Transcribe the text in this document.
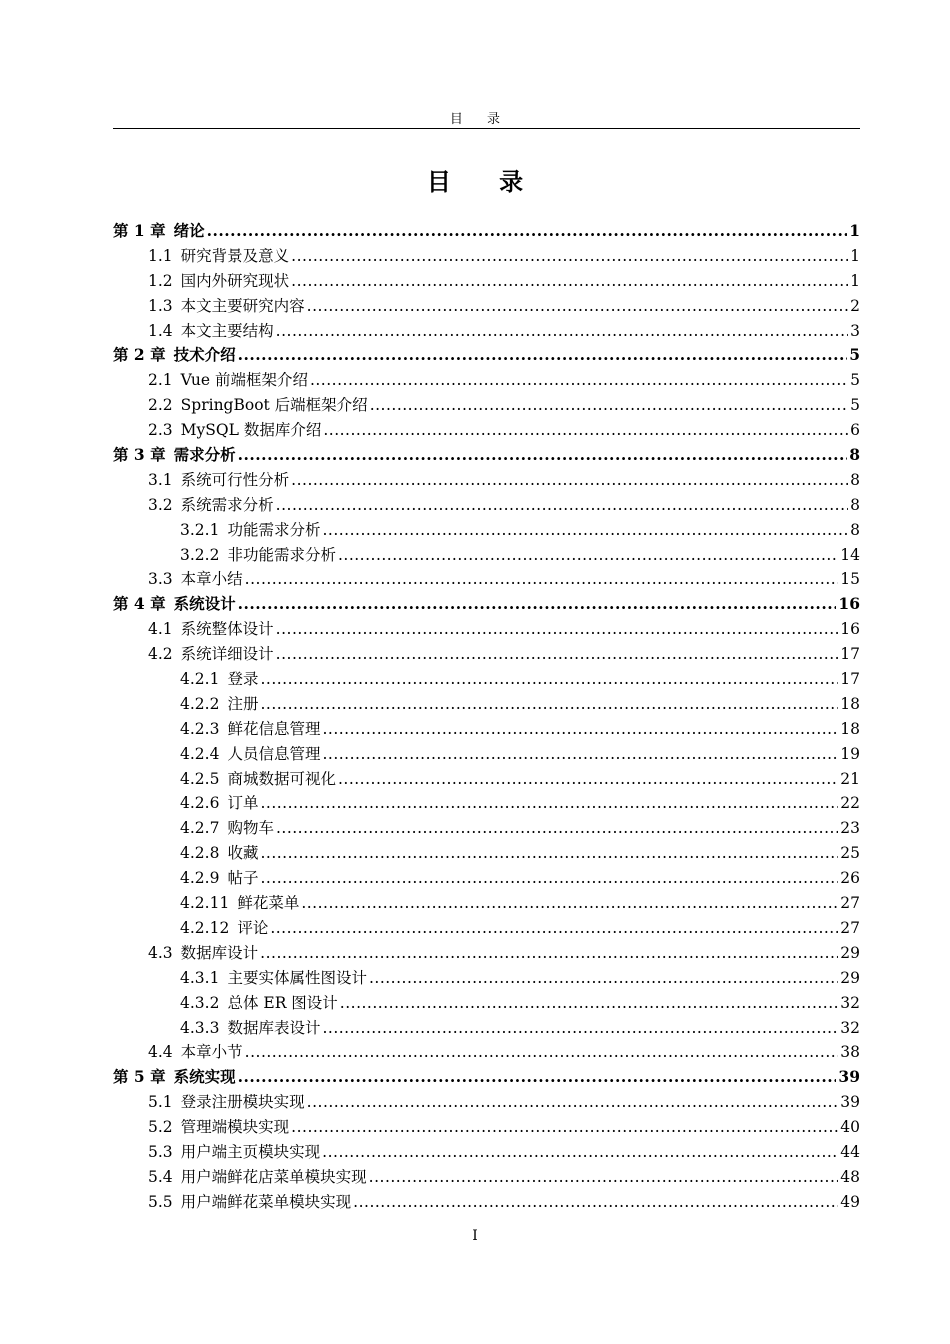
目 录
目 录
第 1 章 绪论 .....	1
1.1 研究背景及意义 .....	1
1.2 国内外研究现状 .....	1
1.3 本文主要研究内容 .....	2
1.4 本文主要结构 .....	3
第 2 章 技术介绍 .....	5
2.1 Vue 前端框架介绍 .....	5
2.2 SpringBoot 后端框架介绍 .....	5
2.3 MySQL 数据库介绍 .....	6
第 3 章 需求分析 .....	8
3.1 系统可行性分析 .....	8
3.2 系统需求分析 .....	8
3.2.1 功能需求分析 .....	8
3.2.2 非功能需求分析 .....	14
3.3 本章小结 .....	15
第 4 章 系统设计 .....	16
4.1 系统整体设计 .....	16
4.2 系统详细设计 .....	17
4.2.1 登录 .....	17
4.2.2 注册 .....	18
4.2.3 鲜花信息管理 .....	18
4.2.4 人员信息管理 .....	19
4.2.5 商城数据可视化 .....	21
4.2.6 订单 .....	22
4.2.7 购物车 .....	23
4.2.8 收藏 .....	25
4.2.9 帖子 .....	26
4.2.11 鲜花菜单 .....	27
4.2.12 评论 .....	27
4.3 数据库设计 .....	29
4.3.1 主要实体属性图设计 .....	29
4.3.2 总体 ER 图设计 .....	32
4.3.3 数据库表设计 .....	32
4.4 本章小节 .....	38
第 5 章 系统实现 .....	39
5.1 登录注册模块实现 .....	39
5.2 管理端模块实现 .....	40
5.3 用户端主页模块实现 .....	44
5.4 用户端鲜花店菜单模块实现 .....	48
5.5 用户端鲜花菜单模块实现 .....	49
I
